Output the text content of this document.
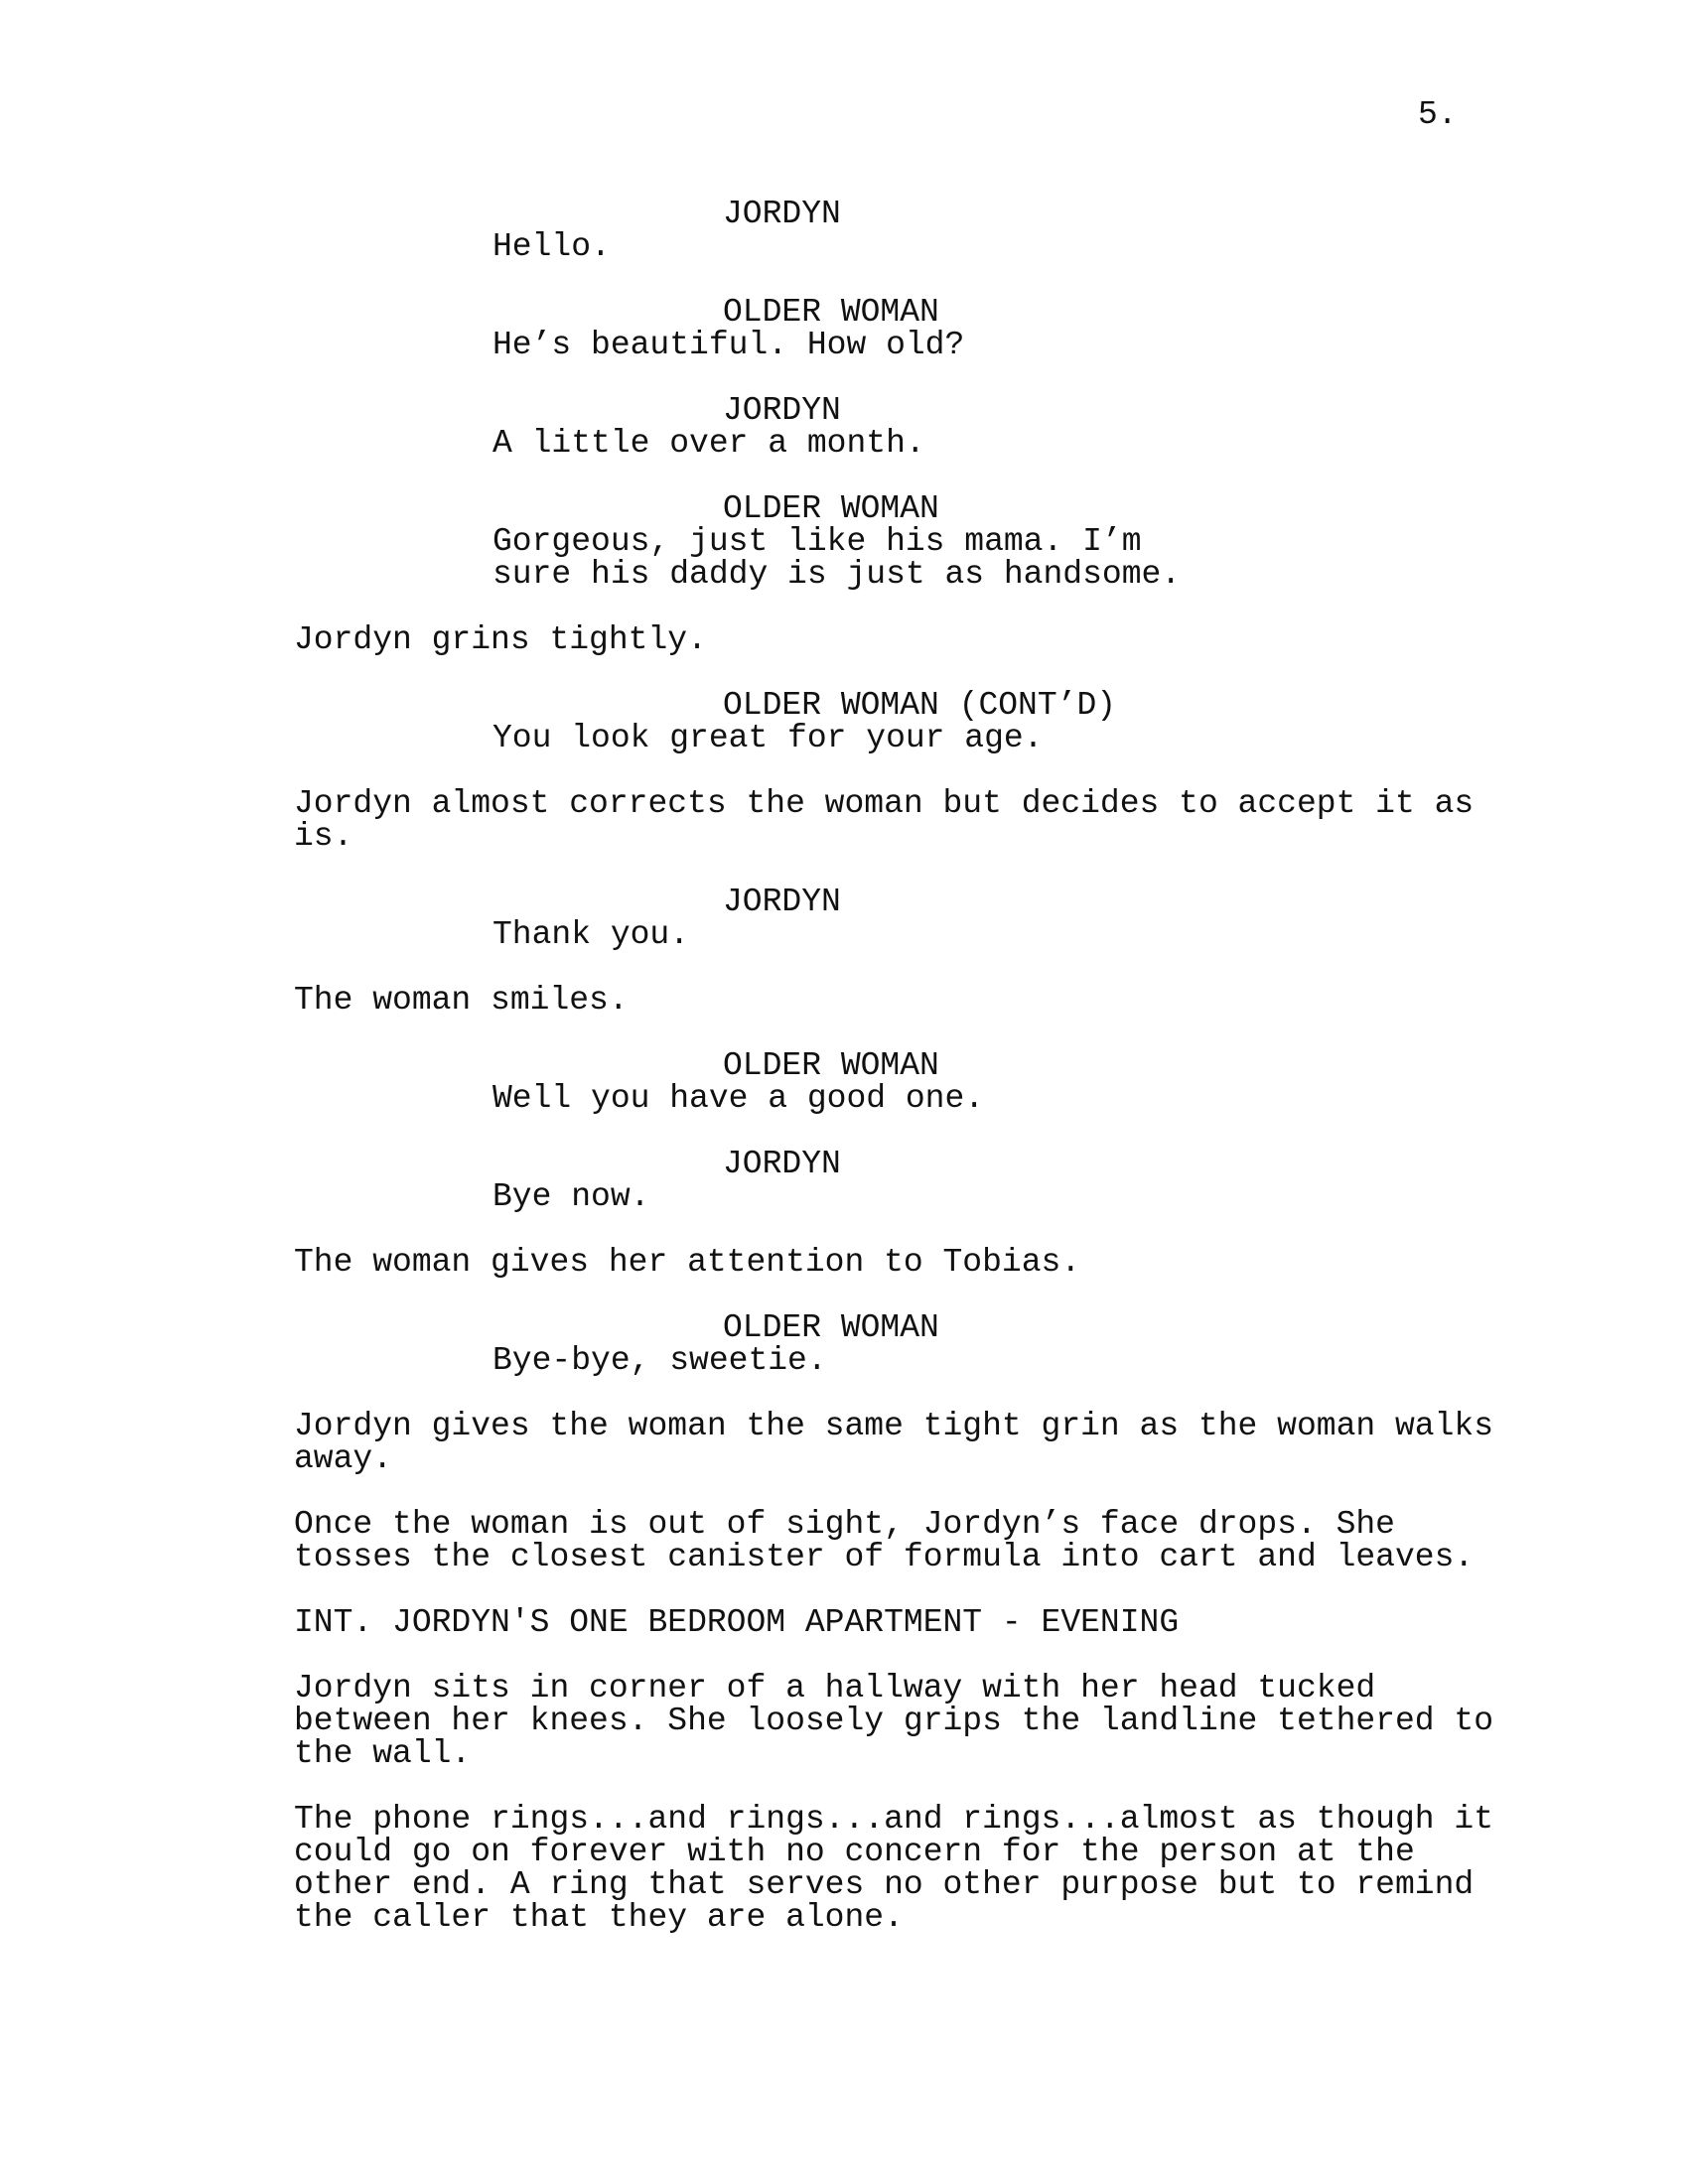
5.
JORDYN
Hello.
OLDER WOMAN
He’s beautiful. How old?
JORDYN
A little over a month.
OLDER WOMAN
Gorgeous, just like his mama. I’m
sure his daddy is just as handsome.
Jordyn grins tightly.
OLDER WOMAN (CONT’D)
You look great for your age.
Jordyn almost corrects the woman but decides to accept it as
is.
JORDYN
Thank you.
The woman smiles.
OLDER WOMAN
Well you have a good one.
JORDYN
Bye now.
The woman gives her attention to Tobias.
OLDER WOMAN
Bye-bye, sweetie.
Jordyn gives the woman the same tight grin as the woman walks
away.
Once the woman is out of sight, Jordyn’s face drops. She
tosses the closest canister of formula into cart and leaves.
INT. JORDYN'S ONE BEDROOM APARTMENT - EVENING
Jordyn sits in corner of a hallway with her head tucked
between her knees. She loosely grips the landline tethered to
the wall.
The phone rings...and rings...and rings...almost as though it
could go on forever with no concern for the person at the
other end. A ring that serves no other purpose but to remind
the caller that they are alone.
